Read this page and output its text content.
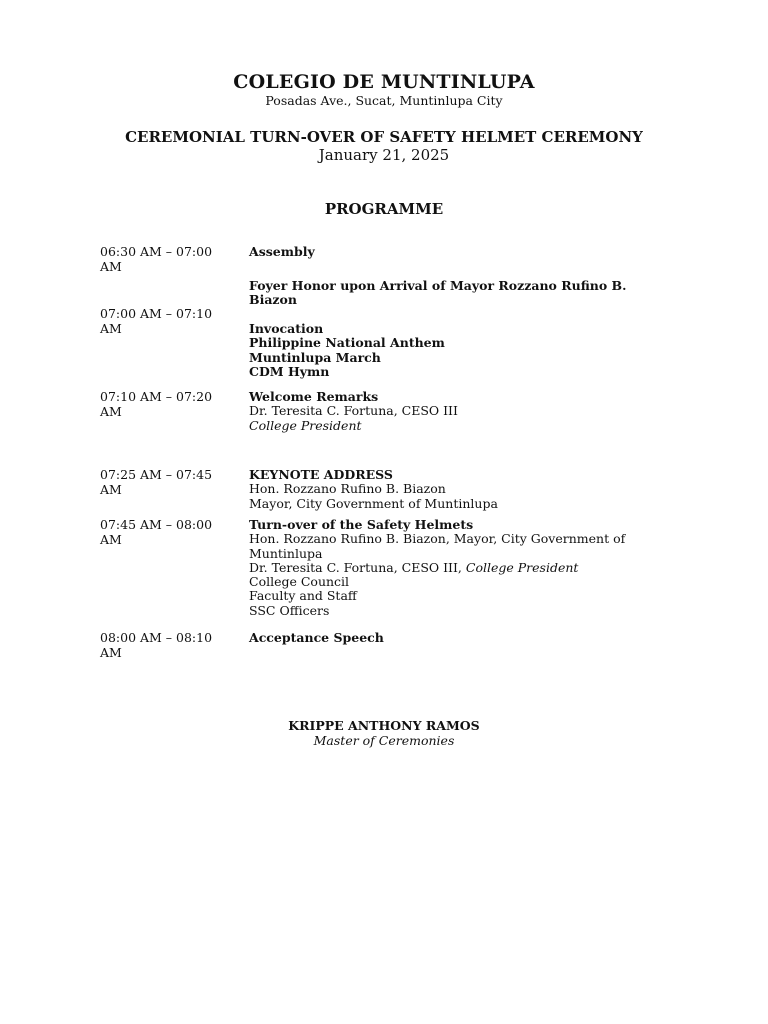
COLEGIO DE MUNTINLUPA
Posadas Ave., Sucat, Muntinlupa City
CEREMONIAL TURN-OVER OF SAFETY HELMET CEREMONY
January 21, 2025
PROGRAMME
06:30 AM – 07:00 AM
Assembly
Foyer Honor upon Arrival of Mayor Rozzano Rufino B. Biazon
07:00 AM – 07:10 AM	Invocation
Philippine National Anthem
Muntinlupa March
CDM Hymn
07:10 AM – 07:20 AM
Welcome Remarks
Dr. Teresita C. Fortuna, CESO III
College President
07:25 AM – 07:45 AM
KEYNOTE ADDRESS
Hon. Rozzano Rufino B. Biazon
Mayor, City Government of Muntinlupa
07:45 AM – 08:00 AM
Turn-over of the Safety Helmets
Hon. Rozzano Rufino B. Biazon, Mayor, City Government of Muntinlupa
Dr. Teresita C. Fortuna, CESO III, College President
College Council
Faculty and Staff
SSC Officers
08:00 AM – 08:10 AM
Acceptance Speech
KRIPPE ANTHONY RAMOS
Master of Ceremonies
